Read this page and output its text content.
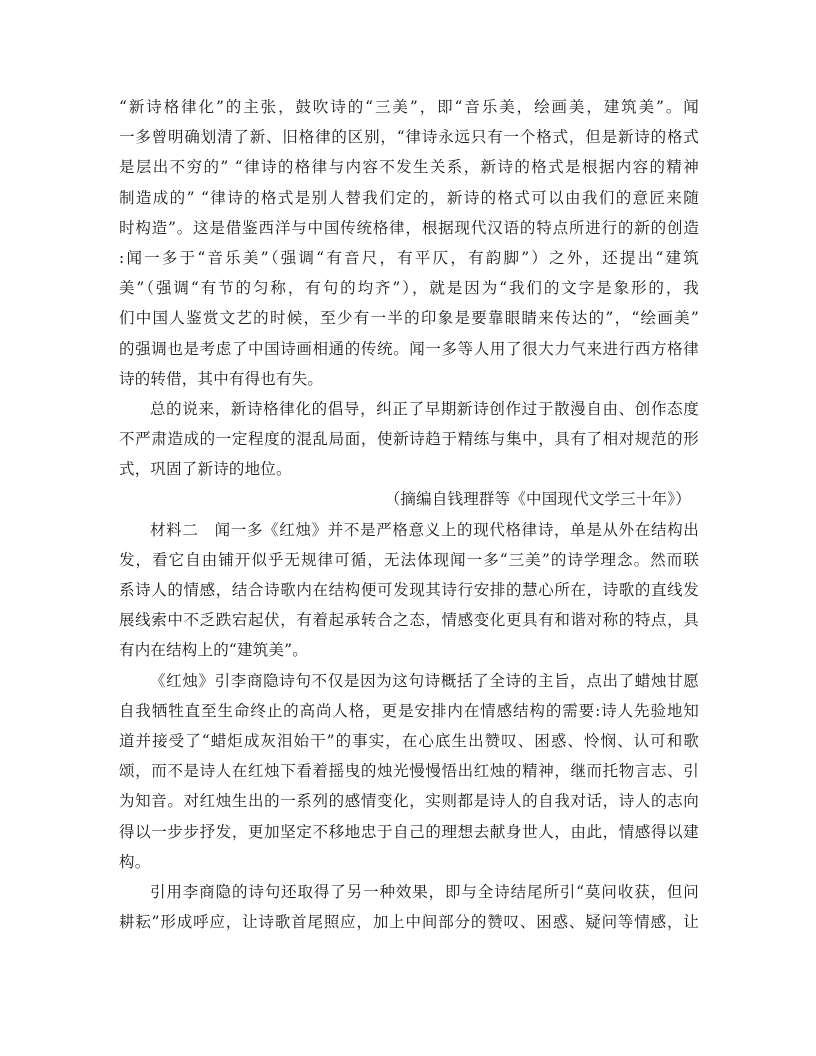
“新诗格律化”的主张，鼓吹诗的“三美”，即“音乐美，绘画美，建筑美”。闻
一多曾明确划清了新、旧格律的区别，“律诗永远只有一个格式，但是新诗的格式
是层出不穷的” “律诗的格律与内容不发生关系，新诗的格式是根据内容的精神
制造成的” “律诗的格式是别人替我们定的，新诗的格式可以由我们的意匠来随
时构造”。这是借鉴西洋与中国传统格律，根据现代汉语的特点所进行的新的创造
:闻一多于“音乐美”（强调“有音尺，有平仄，有韵脚”）之外，还提出“建筑
美”（强调“有节的匀称，有句的均齐”），就是因为“我们的文字是象形的，我
们中国人鉴赏文艺的时候，至少有一半的印象是要靠眼睛来传达的”，“绘画美”
的强调也是考虑了中国诗画相通的传统。闻一多等人用了很大力气来进行西方格律
诗的转借，其中有得也有失。
总的说来，新诗格律化的倡导，纠正了早期新诗创作过于散漫自由、创作态度
不严肃造成的一定程度的混乱局面，使新诗趋于精练与集中，具有了相对规范的形
式，巩固了新诗的地位。
（摘编自钱理群等《中国现代文学三十年》）
材料二　闻一多《红烛》并不是严格意义上的现代格律诗，单是从外在结构出
发，看它自由铺开似乎无规律可循，无法体现闻一多“三美”的诗学理念。然而联
系诗人的情感，结合诗歌内在结构便可发现其诗行安排的慧心所在，诗歌的直线发
展线索中不乏跌宕起伏，有着起承转合之态，情感变化更具有和谐对称的特点，具
有内在结构上的“建筑美”。
《红烛》引李商隐诗句不仅是因为这句诗概括了全诗的主旨，点出了蜡烛甘愿
自我牺牲直至生命终止的高尚人格，更是安排内在情感结构的需要:诗人先验地知
道并接受了“蜡炬成灰泪始干”的事实，在心底生出赞叹、困惑、怜悯、认可和歌
颂，而不是诗人在红烛下看着摇曳的烛光慢慢悟出红烛的精神，继而托物言志、引
为知音。对红烛生出的一系列的感情变化，实则都是诗人的自我对话，诗人的志向
得以一步步抒发，更加坚定不移地忠于自己的理想去献身世人，由此，情感得以建
构。
引用李商隐的诗句还取得了另一种效果，即与全诗结尾所引“莫问收获，但问
耕耘”形成呼应，让诗歌首尾照应，加上中间部分的赞叹、困惑、疑问等情感，让
